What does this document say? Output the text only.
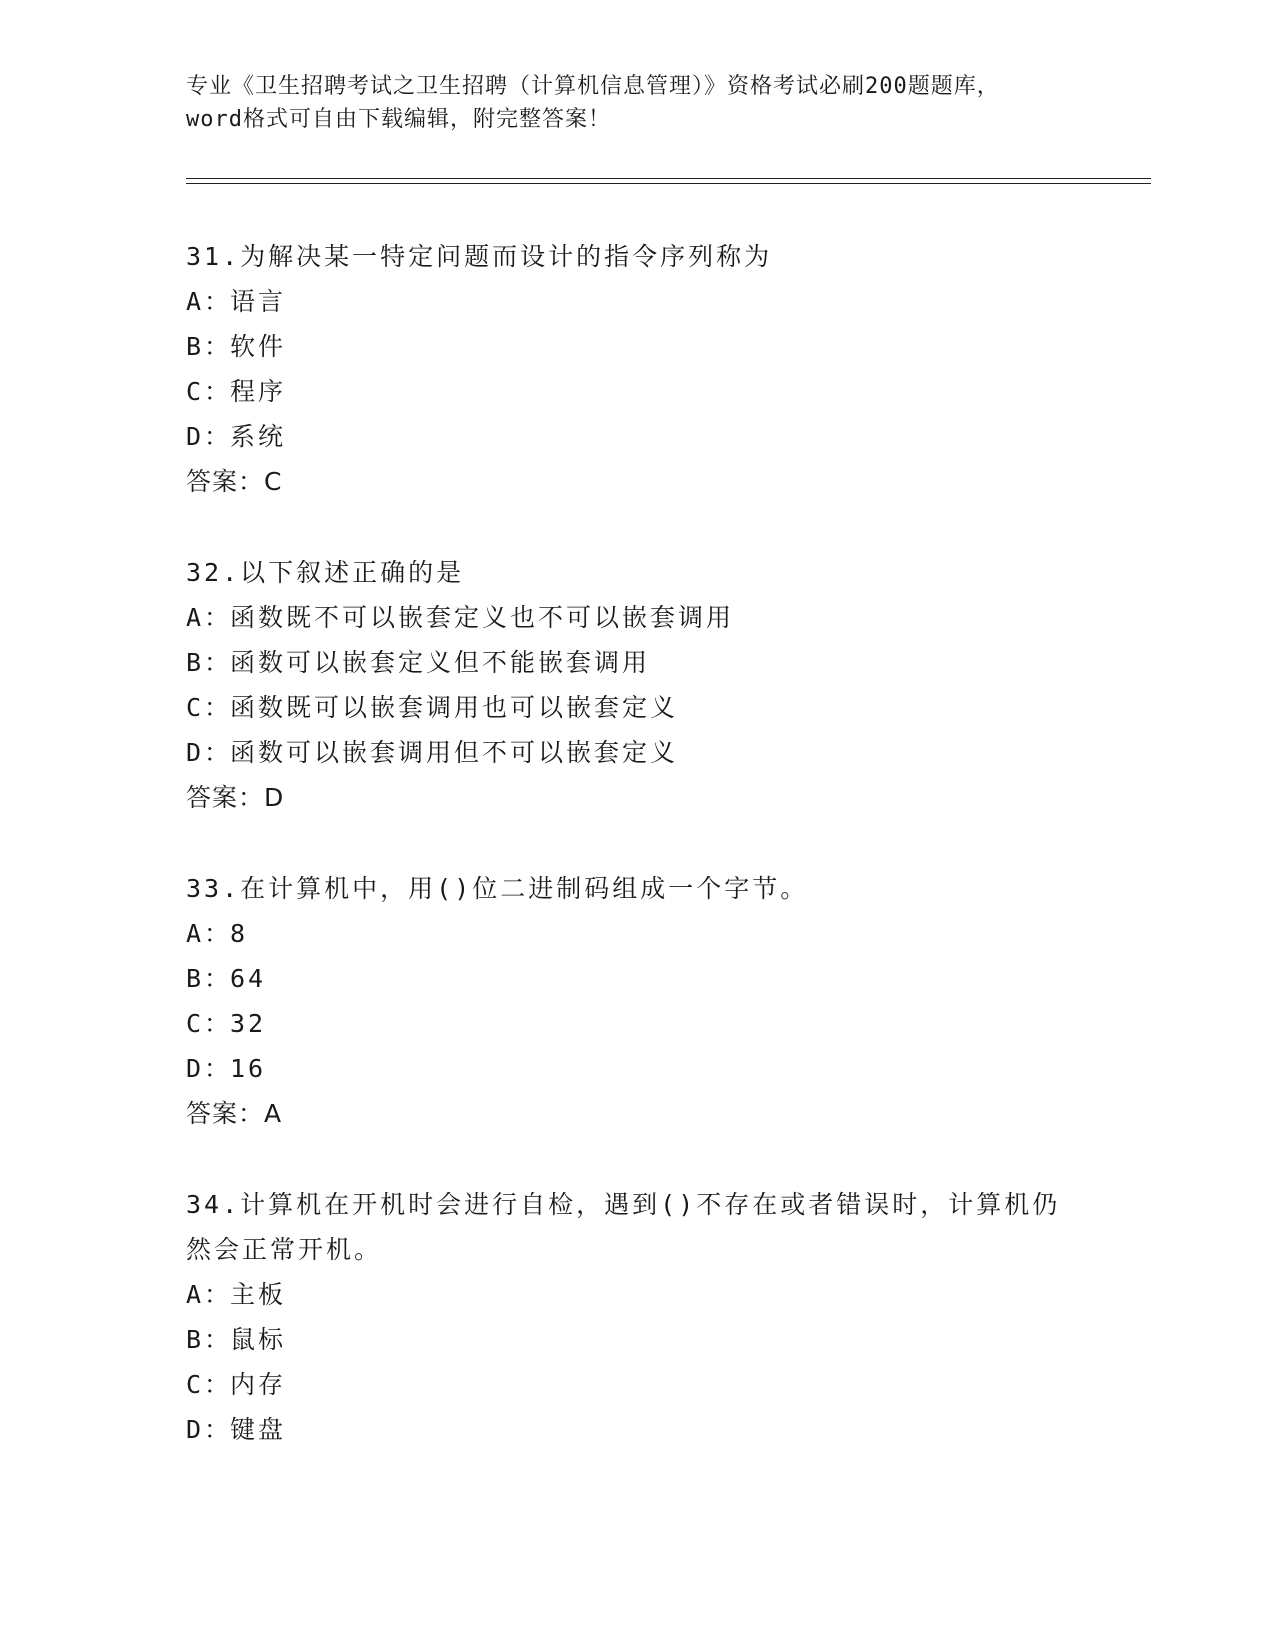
专业《卫生招聘考试之卫生招聘（计算机信息管理）》资格考试必刷200题题库，
word格式可自由下载编辑，附完整答案！

31.为解决某一特定问题而设计的指令序列称为

A：语言

B：软件

C：程序

D：系统

答案：C

32.以下叙述正确的是

A：函数既不可以嵌套定义也不可以嵌套调用

B：函数可以嵌套定义但不能嵌套调用

C：函数既可以嵌套调用也可以嵌套定义

D：函数可以嵌套调用但不可以嵌套定义

答案：D

33.在计算机中，用()位二进制码组成一个字节。

A：8

B：64

C：32

D：16

答案：A

34.计算机在开机时会进行自检，遇到()不存在或者错误时，计算机仍然会正常开机。

A：主板

B：鼠标

C：内存

D：键盘
